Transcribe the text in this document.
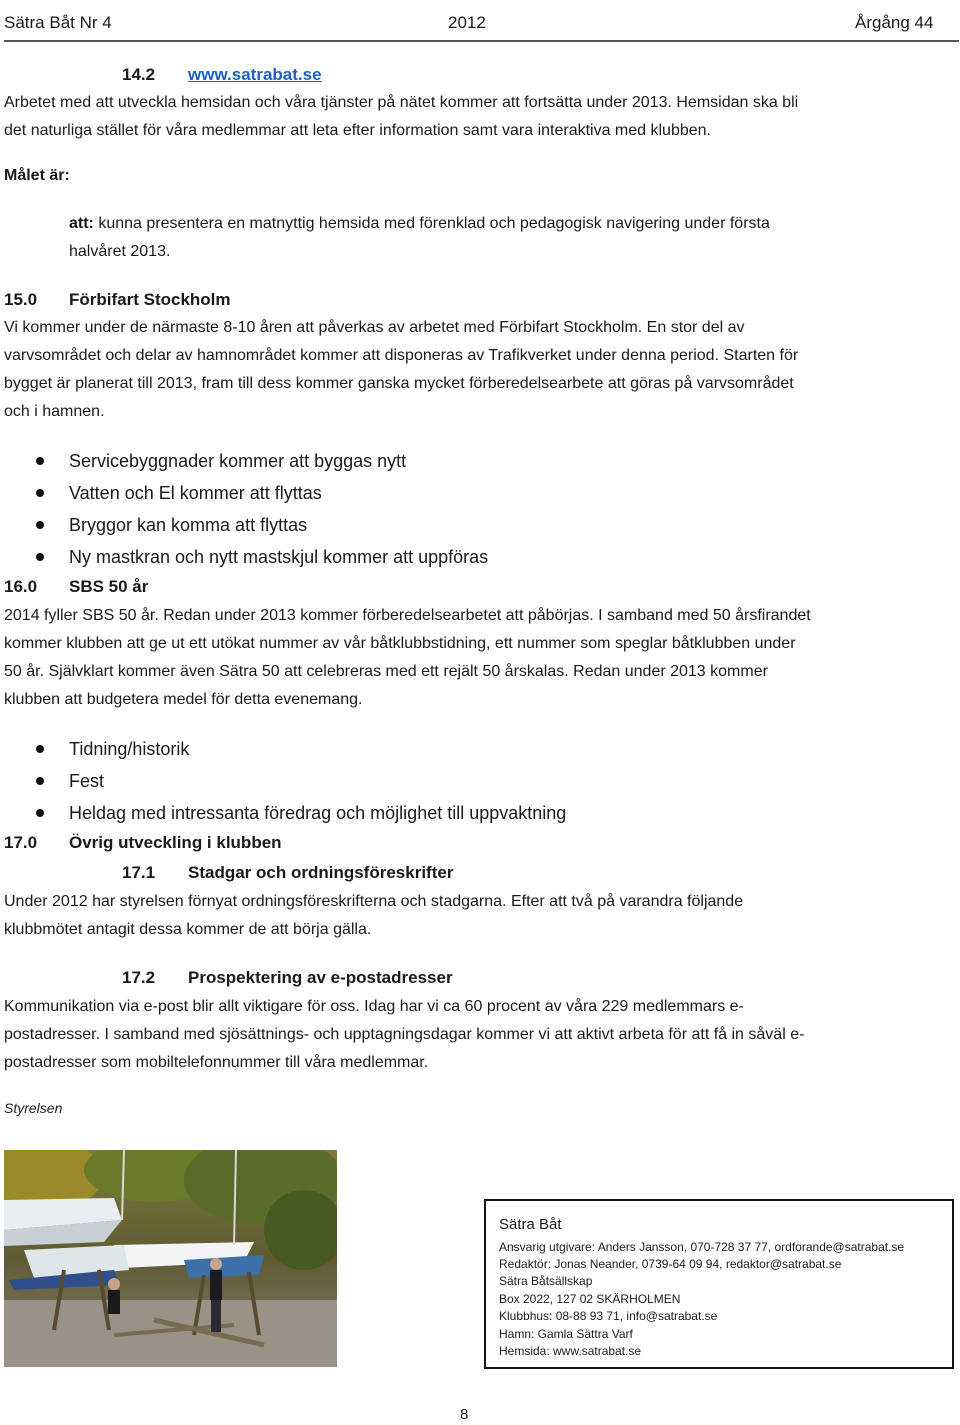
Sätra Båt Nr 4	2012	Årgång 44
14.2 www.satrabat.se
Arbetet med att utveckla hemsidan och våra tjänster på nätet kommer att fortsätta under 2013. Hemsidan ska bli
det naturliga stället för våra medlemmar att leta efter information samt vara interaktiva med klubben.
Målet är:
att: kunna presentera en matnyttig hemsida med förenklad och pedagogisk navigering under första
halvåret 2013.
15.0 Förbifart Stockholm
Vi kommer under de närmaste 8-10 åren att påverkas av arbetet med Förbifart Stockholm. En stor del av
varvsområdet och delar av hamnområdet kommer att disponeras av Trafikverket under denna period. Starten för
bygget är planerat till 2013, fram till dess kommer ganska mycket förberedelsearbete att göras på varvsområdet
och i hamnen.
Servicebyggnader kommer att byggas nytt
Vatten och El kommer att flyttas
Bryggor kan komma att flyttas
Ny mastkran och nytt mastskjul kommer att uppföras
16.0 SBS 50 år
2014 fyller SBS 50 år. Redan under 2013 kommer förberedelsearbetet att påbörjas. I samband med 50 årsfirandet
kommer klubben att ge ut ett utökat nummer av vår båtklubbstidning, ett nummer som speglar båtklubben under
50 år. Självklart kommer även Sätra 50 att celebreras med ett rejält 50 årskalas. Redan under 2013 kommer
klubben att budgetera medel för detta evenemang.
Tidning/historik
Fest
Heldag med intressanta föredrag och möjlighet till uppvaktning
17.0 Övrig utveckling i klubben
17.1 Stadgar och ordningsföreskrifter
Under 2012 har styrelsen förnyat ordningsföreskrifterna och stadgarna. Efter att två på varandra följande
klubbmötet antagit dessa kommer de att börja gälla.
17.2 Prospektering av e-postadresser
Kommunikation via e-post blir allt viktigare för oss. Idag har vi ca 60 procent av våra 229 medlemmars e-
postadresser. I samband med sjösättnings- och upptagningsdagar kommer vi att aktivt arbeta för att få in såväl e-
postadresser som mobiltelefonnummer till våra medlemmar.
Styrelsen
Sätra Båt
Ansvarig utgivare: Anders Jansson, 070-728 37 77, ordforande@satrabat.se
Redaktör: Jonas Neander, 0739-64 09 94, redaktor@satrabat.se
Sätra Båtsällskap
Box 2022, 127 02 SKÄRHOLMEN
Klubbhus: 08-88 93 71, info@satrabat.se
Hamn: Gamla Sättra Varf
Hemsida: www.satrabat.se
8
